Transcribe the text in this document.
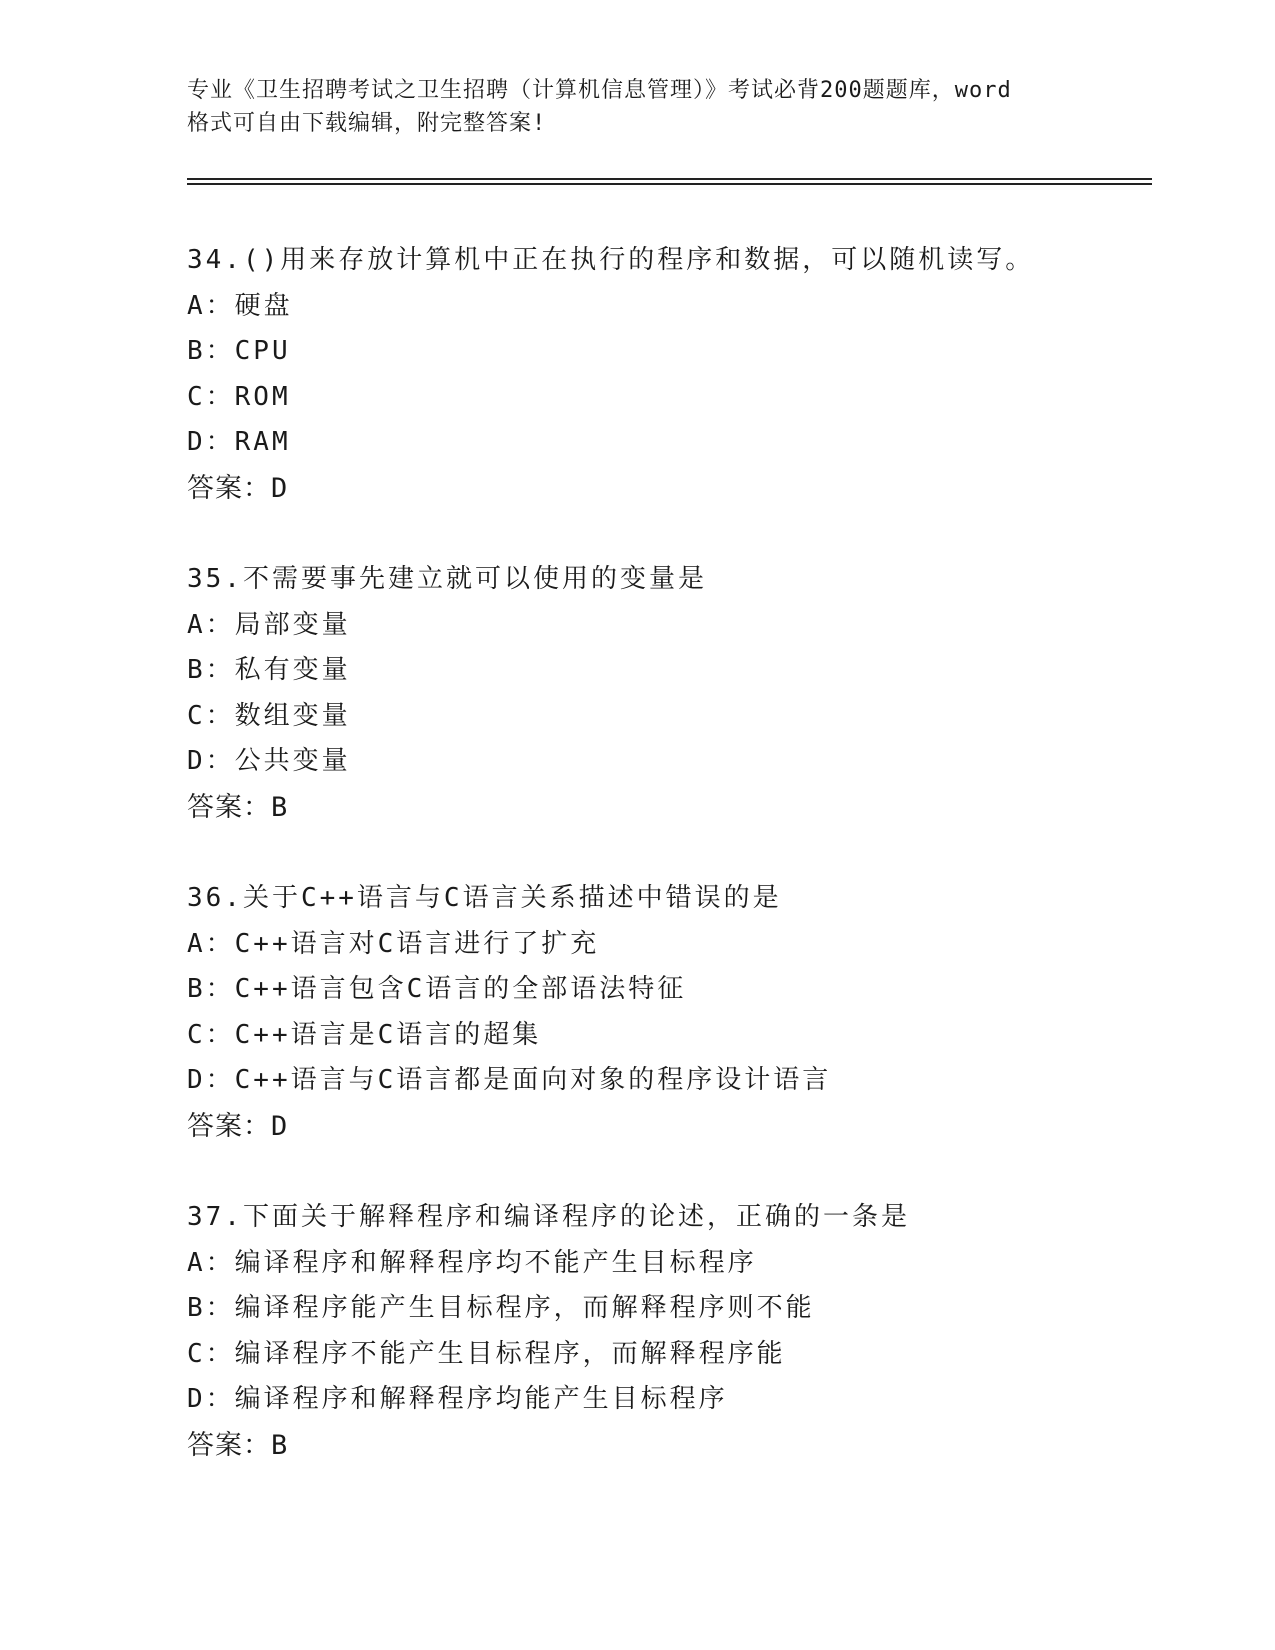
专业《卫生招聘考试之卫生招聘（计算机信息管理）》考试必背200题题库，word
格式可自由下载编辑，附完整答案!
34.()用来存放计算机中正在执行的程序和数据，可以随机读写。
A：硬盘
B：CPU
C：ROM
D：RAM
答案：D
35.不需要事先建立就可以使用的变量是
A：局部变量
B：私有变量
C：数组变量
D：公共变量
答案：B
36.关于C++语言与C语言关系描述中错误的是
A：C++语言对C语言进行了扩充
B：C++语言包含C语言的全部语法特征
C：C++语言是C语言的超集
D：C++语言与C语言都是面向对象的程序设计语言
答案：D
37.下面关于解释程序和编译程序的论述，正确的一条是
A：编译程序和解释程序均不能产生目标程序
B：编译程序能产生目标程序，而解释程序则不能
C：编译程序不能产生目标程序，而解释程序能
D：编译程序和解释程序均能产生目标程序
答案：B
